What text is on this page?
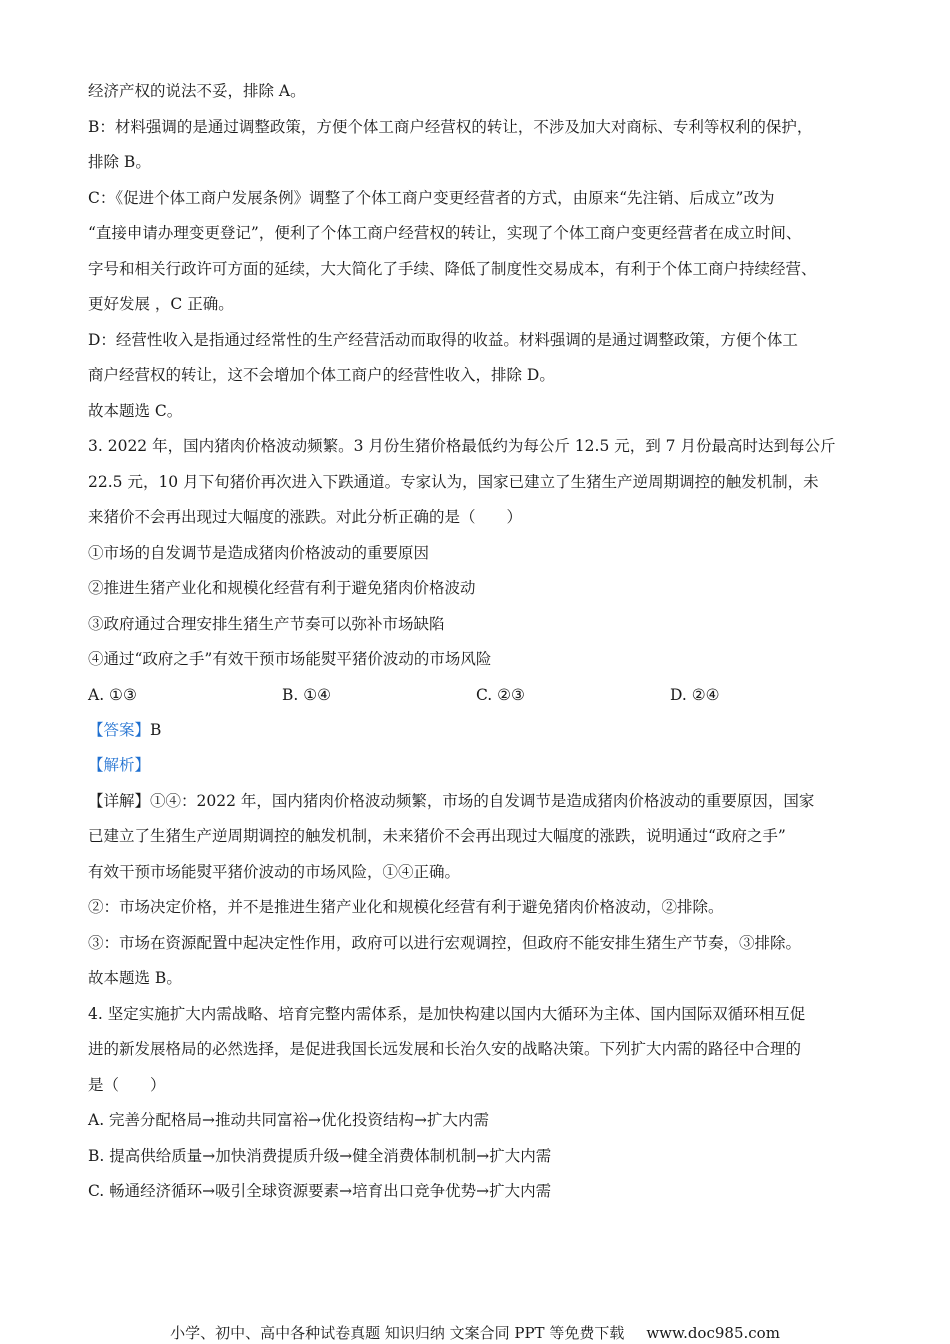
经济产权的说法不妥，排除 A。
B：材料强调的是通过调整政策，方便个体工商户经营权的转让，不涉及加大对商标、专利等权利的保护，
排除 B。
C：《促进个体工商户发展条例》调整了个体工商户变更经营者的方式，由原来“先注销、后成立”改为
“直接申请办理变更登记”，便利了个体工商户经营权的转让，实现了个体工商户变更经营者在成立时间、
字号和相关行政许可方面的延续，大大简化了手续、降低了制度性交易成本，有利于个体工商户持续经营、
更好发展 ，C 正确。
D：经营性收入是指通过经常性的生产经营活动而取得的收益。材料强调的是通过调整政策，方便个体工
商户经营权的转让，这不会增加个体工商户的经营性收入，排除 D。
故本题选 C。
3. 2022 年，国内猪肉价格波动频繁。3 月份生猪价格最低约为每公斤 12.5 元，到 7 月份最高时达到每公斤
22.5 元，10 月下旬猪价再次进入下跌通道。专家认为，国家已建立了生猪生产逆周期调控的触发机制，未
来猪价不会再出现过大幅度的涨跌。对此分析正确的是（　　）
①市场的自发调节是造成猪肉价格波动的重要原因
②推进生猪产业化和规模化经营有利于避免猪肉价格波动
③政府通过合理安排生猪生产节奏可以弥补市场缺陷
④通过“政府之手”有效干预市场能熨平猪价波动的市场风险
A. ①③	B. ①④	C. ②③	D. ②④
【答案】B
【解析】
【详解】①④：2022 年，国内猪肉价格波动频繁，市场的自发调节是造成猪肉价格波动的重要原因，国家
已建立了生猪生产逆周期调控的触发机制，未来猪价不会再出现过大幅度的涨跌，说明通过“政府之手”
有效干预市场能熨平猪价波动的市场风险，①④正确。
②：市场决定价格，并不是推进生猪产业化和规模化经营有利于避免猪肉价格波动，②排除。
③：市场在资源配置中起决定性作用，政府可以进行宏观调控，但政府不能安排生猪生产节奏，③排除。
故本题选 B。
4. 坚定实施扩大内需战略、培育完整内需体系，是加快构建以国内大循环为主体、国内国际双循环相互促
进的新发展格局的必然选择，是促进我国长远发展和长治久安的战略决策。下列扩大内需的路径中合理的
是（　　）
A. 完善分配格局→推动共同富裕→优化投资结构→扩大内需
B. 提高供给质量→加快消费提质升级→健全消费体制机制→扩大内需
C. 畅通经济循环→吸引全球资源要素→培育出口竞争优势→扩大内需
小学、初中、高中各种试卷真题 知识归纳 文案合同 PPT 等免费下载 www.doc985.com
